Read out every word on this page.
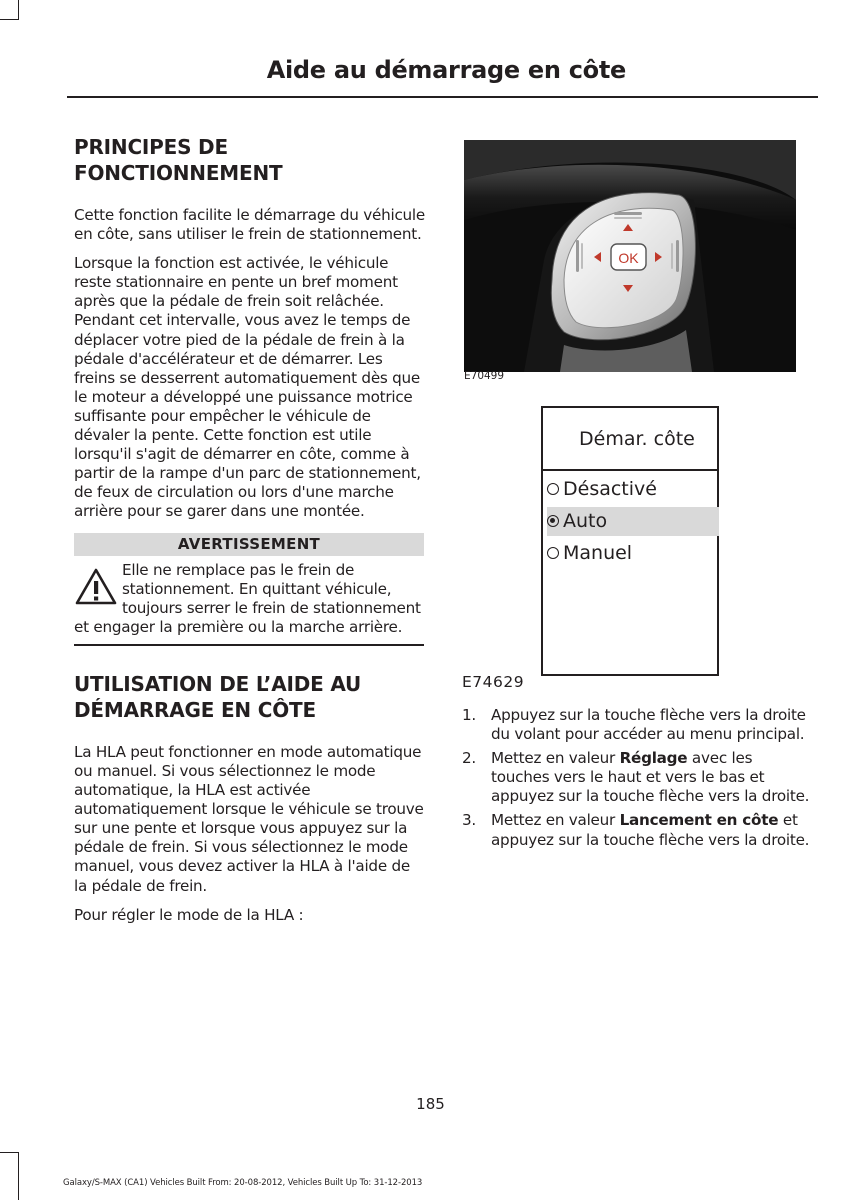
Aide au démarrage en côte
PRINCIPES DE FONCTIONNEMENT

Cette fonction facilite le démarrage du véhicule en côte, sans utiliser le frein de stationnement.

Lorsque la fonction est activée, le véhicule reste stationnaire en pente un bref moment après que la pédale de frein soit relâchée. Pendant cet intervalle, vous avez le temps de déplacer votre pied de la pédale de frein à la pédale d'accélérateur et de démarrer. Les freins se desserrent automatiquement dès que le moteur a développé une puissance motrice suffisante pour empêcher le véhicule de dévaler la pente. Cette fonction est utile lorsqu'il s'agit de démarrer en côte, comme à partir de la rampe d'un parc de stationnement, de feux de circulation ou lors d'une marche arrière pour se garer dans une montée.

AVERTISSEMENT
Elle ne remplace pas le frein de stationnement. En quittant véhicule, toujours serrer le frein de stationnement et engager la première ou la marche arrière.
UTILISATION DE L’AIDE AU DÉMARRAGE EN CÔTE

La HLA peut fonctionner en mode automatique ou manuel. Si vous sélectionnez le mode automatique, la HLA est activée automatiquement lorsque le véhicule se trouve sur une pente et lorsque vous appuyez sur la pédale de frein. Si vous sélectionnez le mode manuel, vous devez activer la HLA à l'aide de la pédale de frein.

Pour régler le mode de la HLA :

OK
E70499
Démar. côte
Désactivé
Auto
Manuel
E74629
1. Appuyez sur la touche flèche vers la droite du volant pour accéder au menu principal.
2. Mettez en valeur Réglage avec les touches vers le haut et vers le bas et appuyez sur la touche flèche vers la droite.
3. Mettez en valeur Lancement en côte et appuyez sur la touche flèche vers la droite.
185
Galaxy/S-MAX (CA1) Vehicles Built From: 20-08-2012, Vehicles Built Up To: 31-12-2013
